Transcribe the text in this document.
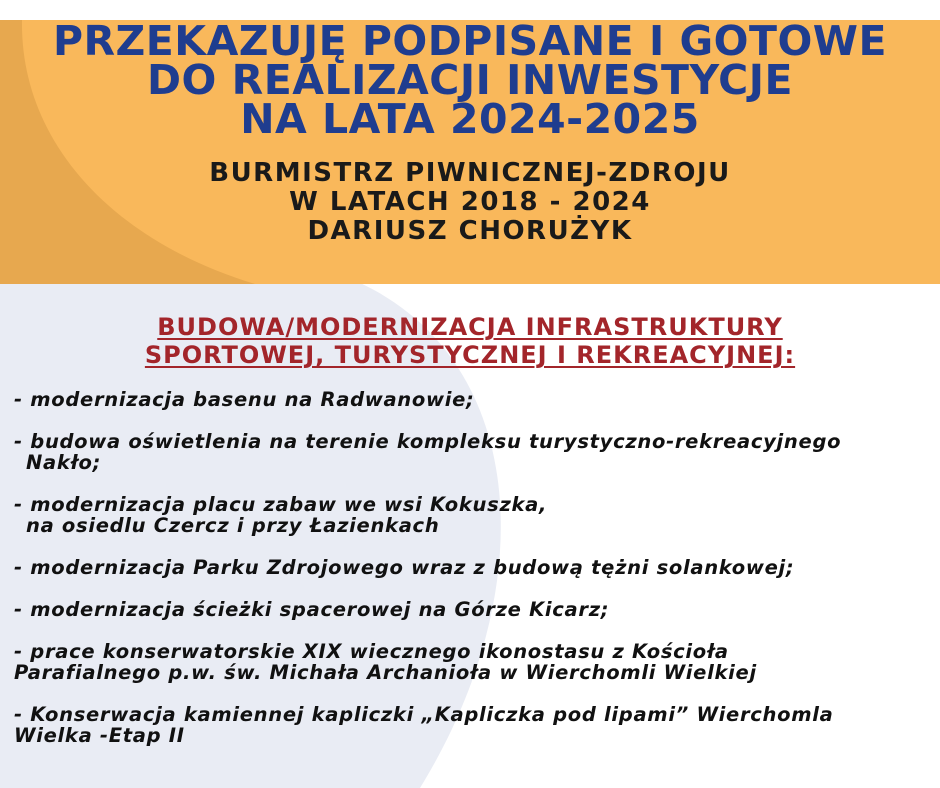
PRZEKAZUJĘ PODPISANE I GOTOWE

DO REALIZACJI INWESTYCJE

NA LATA 2024-2025

BURMISTRZ PIWNICZNEJ-ZDROJU

W LATACH 2018 - 2024

DARIUSZ CHORUŻYK

BUDOWA/MODERNIZACJA INFRASTRUKTURY
SPORTOWEJ, TURYSTYCZNEJ I REKREACYJNEJ:
- modernizacja basenu na Radwanowie;
- budowa oświetlenia na terenie kompleksu turystyczno-rekreacyjnego
Nakło;
- modernizacja placu zabaw we wsi Kokuszka,
na osiedlu Czercz i przy Łazienkach
- modernizacja Parku Zdrojowego wraz z budową tężni solankowej;
- modernizacja ścieżki spacerowej na Górze Kicarz;
- prace konserwatorskie XIX wiecznego ikonostasu z Kościoła
Parafialnego p.w. św. Michała Archanioła w Wierchomli Wielkiej
- Konserwacja kamiennej kapliczki „Kapliczka pod lipami” Wierchomla
Wielka -Etap II
